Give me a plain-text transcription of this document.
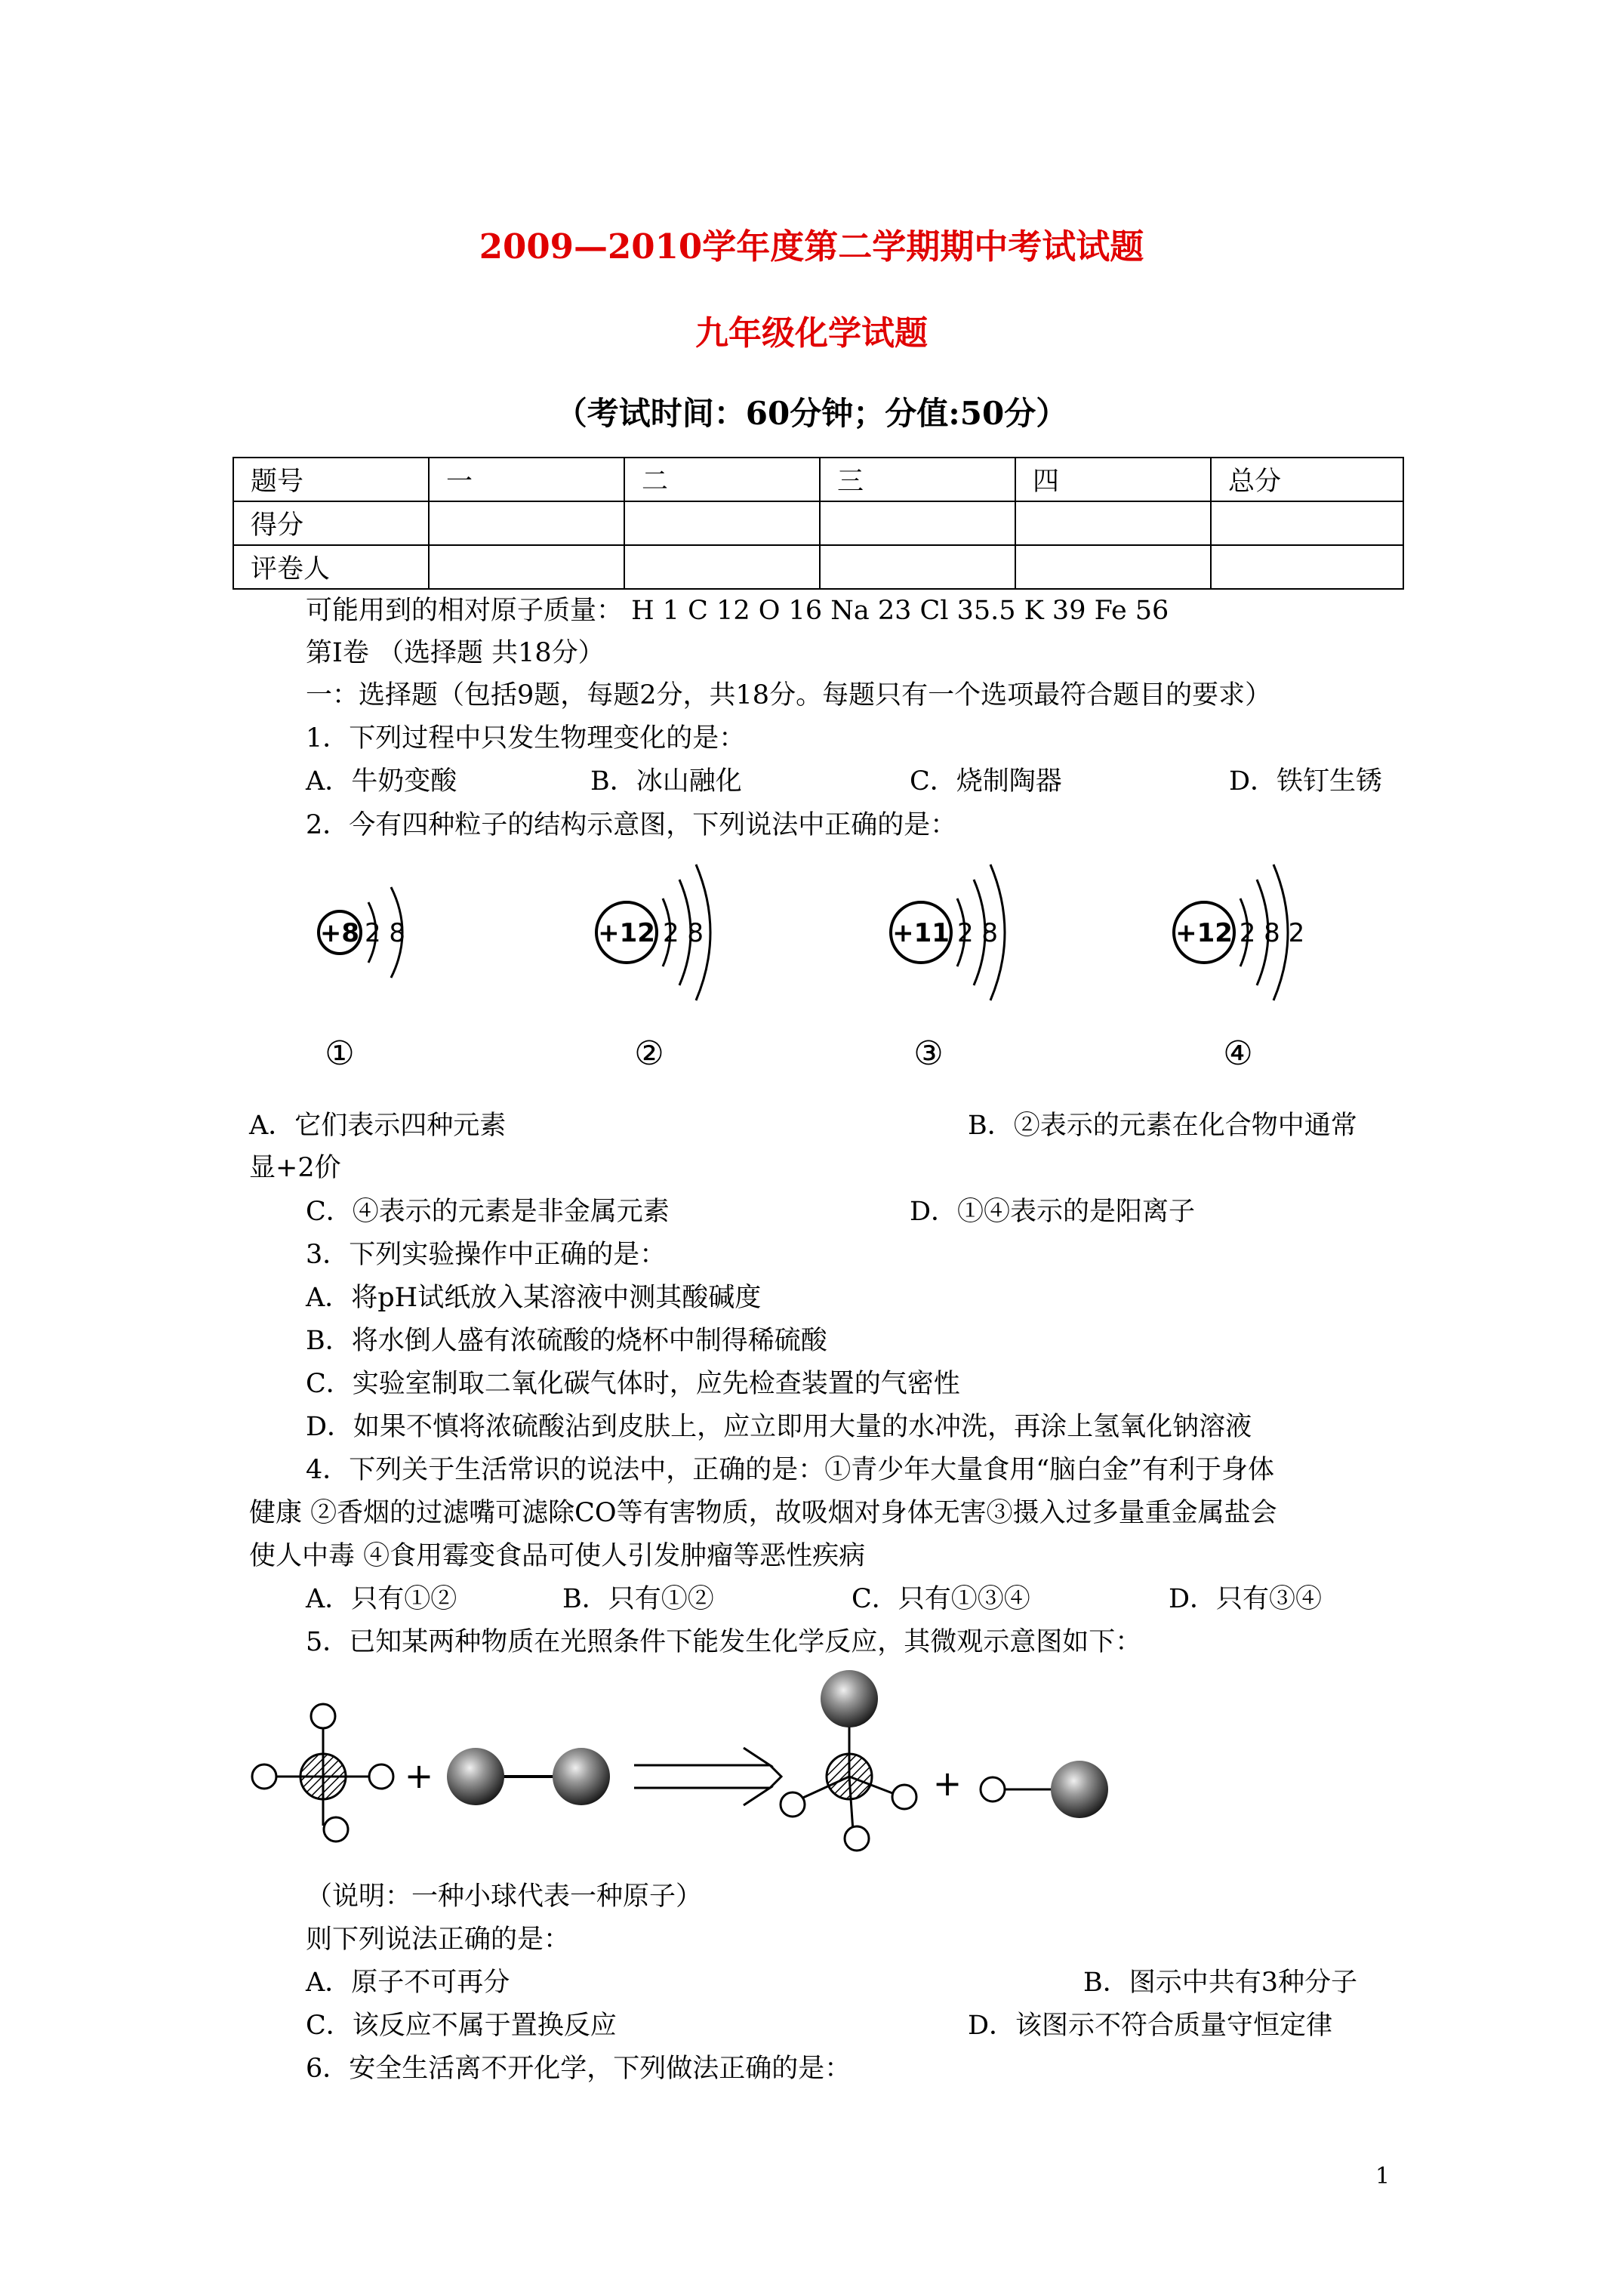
2009—2010学年度第二学期期中考试试题
九年级化学试题
（考试时间：60分钟；分值:50分）
题号	一	二	三	四	总分
得分					
评卷人					
可能用到的相对原子质量： H 1 C 12 O 16 Na 23 Cl 35.5 K 39 Fe 56
第Ⅰ卷 （选择题 共18分）
一：选择题（包括9题，每题2分，共18分。每题只有一个选项最符合题目的要求）
1．下列过程中只发生物理变化的是：
A．牛奶变酸	B．冰山融化	C．烧制陶器	D．铁钉生锈
2．今有四种粒子的结构示意图，下列说法中正确的是：
+8 2 8
①
+12 2 8
②
+11 2 8
③
+12 2 8 2
④
A．它们表示四种元素	B．②表示的元素在化合物中通常
显+2价
C．④表示的元素是非金属元素	D．①④表示的是阳离子
3．下列实验操作中正确的是：
A．将pH试纸放入某溶液中测其酸碱度
B．将水倒人盛有浓硫酸的烧杯中制得稀硫酸
C．实验室制取二氧化碳气体时，应先检查装置的气密性
D．如果不慎将浓硫酸沾到皮肤上，应立即用大量的水冲洗，再涂上氢氧化钠溶液
4．下列关于生活常识的说法中，正确的是：①青少年大量食用“脑白金”有利于身体
健康 ②香烟的过滤嘴可滤除CO等有害物质，故吸烟对身体无害③摄入过多量重金属盐会
使人中毒 ④食用霉变食品可使人引发肿瘤等恶性疾病
A．只有①②	B．只有①②	C．只有①③④	D．只有③④
5．已知某两种物质在光照条件下能发生化学反应，其微观示意图如下：
+	+
（说明：一种小球代表一种原子）
则下列说法正确的是：
A．原子不可再分	B．图示中共有3种分子
C．该反应不属于置换反应	D．该图示不符合质量守恒定律
6．安全生活离不开化学，下列做法正确的是：
1
